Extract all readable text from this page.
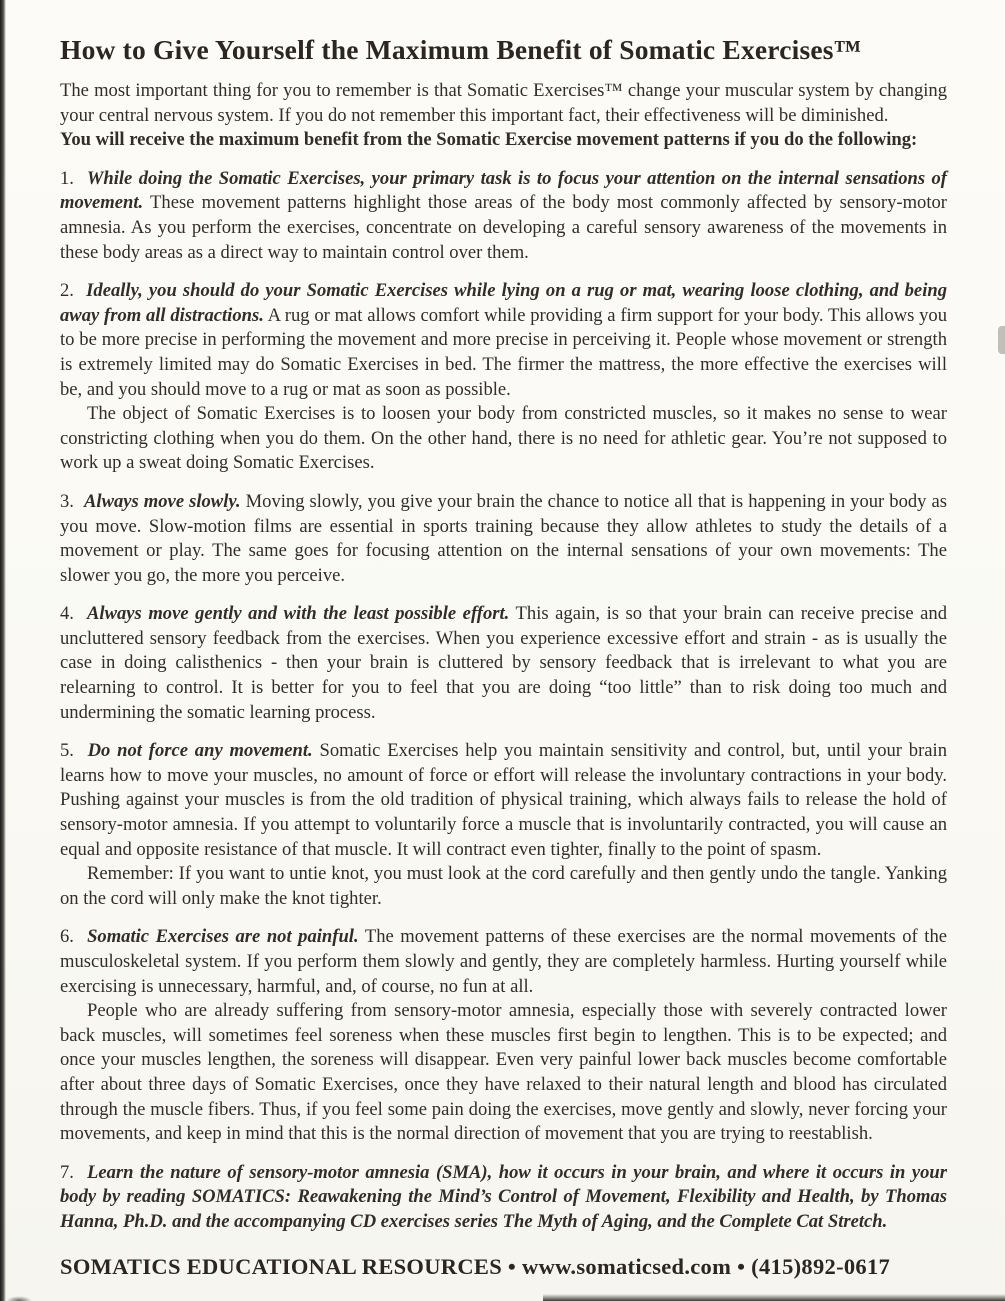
How to Give Yourself the Maximum Benefit of Somatic Exercises™

The most important thing for you to remember is that Somatic Exercises™ change your muscular system by changing your central nervous system. If you do not remember this important fact, their effectiveness will be diminished.

You will receive the maximum benefit from the Somatic Exercise movement patterns if you do the following:

1.  While doing the Somatic Exercises, your primary task is to focus your attention on the internal sensations of movement. These movement patterns highlight those areas of the body most commonly affected by sensory-motor amnesia. As you perform the exercises, concentrate on developing a careful sensory awareness of the movements in these body areas as a direct way to maintain control over them.

2.  Ideally, you should do your Somatic Exercises while lying on a rug or mat, wearing loose clothing, and being away from all distractions. A rug or mat allows comfort while providing a firm support for your body. This allows you to be more precise in performing the movement and more precise in perceiving it. People whose movement or strength is extremely limited may do Somatic Exercises in bed. The firmer the mattress, the more effective the exercises will be, and you should move to a rug or mat as soon as possible.

The object of Somatic Exercises is to loosen your body from constricted muscles, so it makes no sense to wear constricting clothing when you do them. On the other hand, there is no need for athletic gear. You’re not supposed to work up a sweat doing Somatic Exercises.

3.  Always move slowly. Moving slowly, you give your brain the chance to notice all that is happening in your body as you move. Slow-motion films are essential in sports training because they allow athletes to study the details of a movement or play. The same goes for focusing attention on the internal sensations of your own movements: The slower you go, the more you perceive.

4.  Always move gently and with the least possible effort. This again, is so that your brain can receive precise and uncluttered sensory feedback from the exercises. When you experience excessive effort and strain - as is usually the case in doing calisthenics - then your brain is cluttered by sensory feedback that is irrelevant to what you are relearning to control. It is better for you to feel that you are doing “too little” than to risk doing too much and undermining the somatic learning process.

5.  Do not force any movement. Somatic Exercises help you maintain sensitivity and control, but, until your brain learns how to move your muscles, no amount of force or effort will release the involuntary contractions in your body. Pushing against your muscles is from the old tradition of physical training, which always fails to release the hold of sensory-motor amnesia. If you attempt to voluntarily force a muscle that is involuntarily contracted, you will cause an equal and opposite resistance of that muscle. It will contract even tighter, finally to the point of spasm.

Remember: If you want to untie knot, you must look at the cord carefully and then gently undo the tangle. Yanking on the cord will only make the knot tighter.

6.  Somatic Exercises are not painful. The movement patterns of these exercises are the normal movements of the musculoskeletal system. If you perform them slowly and gently, they are completely harmless. Hurting yourself while exercising is unnecessary, harmful, and, of course, no fun at all.

People who are already suffering from sensory-motor amnesia, especially those with severely contracted lower back muscles, will sometimes feel soreness when these muscles first begin to lengthen. This is to be expected; and once your muscles lengthen, the soreness will disappear. Even very painful lower back muscles become comfortable after about three days of Somatic Exercises, once they have relaxed to their natural length and blood has circulated through the muscle fibers. Thus, if you feel some pain doing the exercises, move gently and slowly, never forcing your movements, and keep in mind that this is the normal direction of movement that you are trying to reestablish.

7.  Learn the nature of sensory-motor amnesia (SMA), how it occurs in your brain, and where it occurs in your body by reading SOMATICS: Reawakening the Mind’s Control of Movement, Flexibility and Health, by Thomas Hanna, Ph.D. and the accompanying CD exercises series The Myth of Aging, and the Complete Cat Stretch.

SOMATICS EDUCATIONAL RESOURCES • www.somaticsed.com • (415)892-0617
